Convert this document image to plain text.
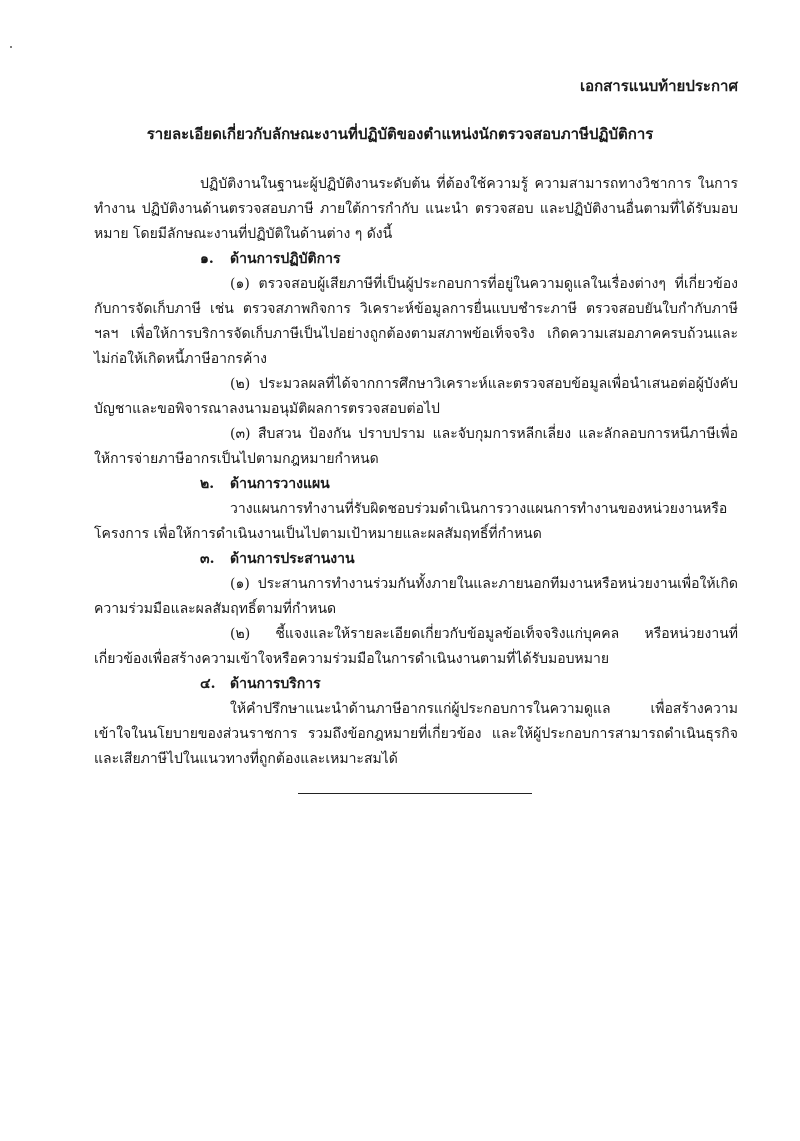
เอกสารแนบท้ายประกาศ
รายละเอียดเกี่ยวกับลักษณะงานที่ปฏิบัติของตำแหน่งนักตรวจสอบภาษีปฏิบัติการ

ปฏิบัติงานในฐานะผู้ปฏิบัติงานระดับต้น ที่ต้องใช้ความรู้ ความสามารถทางวิชาการ ในการทำงาน ปฏิบัติงานด้านตรวจสอบภาษี ภายใต้การกำกับ แนะนำ ตรวจสอบ และปฏิบัติงานอื่นตามที่ได้รับมอบหมาย โดยมีลักษณะงานที่ปฏิบัติในด้านต่าง ๆ ดังนี้

๑.	ด้านการปฏิบัติการ

(๑) ตรวจสอบผู้เสียภาษีที่เป็นผู้ประกอบการที่อยู่ในความดูแลในเรื่องต่างๆ ที่เกี่ยวข้องกับการจัดเก็บภาษี เช่น ตรวจสภาพกิจการ วิเคราะห์ข้อมูลการยื่นแบบชำระภาษี ตรวจสอบยันใบกำกับภาษี ฯลฯ เพื่อให้การบริการจัดเก็บภาษีเป็นไปอย่างถูกต้องตามสภาพข้อเท็จจริง เกิดความเสมอภาคครบถ้วนและไม่ก่อให้เกิดหนี้ภาษีอากรค้าง

(๒) ประมวลผลที่ได้จากการศึกษาวิเคราะห์และตรวจสอบข้อมูลเพื่อนำเสนอต่อผู้บังคับบัญชาและขอพิจารณาลงนามอนุมัติผลการตรวจสอบต่อไป

(๓) สืบสวน ป้องกัน ปราบปราม และจับกุมการหลีกเลี่ยง และลักลอบการหนีภาษีเพื่อให้การจ่ายภาษีอากรเป็นไปตามกฎหมายกำหนด

๒.	ด้านการวางแผน

วางแผนการทำงานที่รับผิดชอบร่วมดำเนินการวางแผนการทำงานของหน่วยงานหรือโครงการ เพื่อให้การดำเนินงานเป็นไปตามเป้าหมายและผลสัมฤทธิ์ที่กำหนด

๓.	ด้านการประสานงาน

(๑) ประสานการทำงานร่วมกันทั้งภายในและภายนอกทีมงานหรือหน่วยงานเพื่อให้เกิดความร่วมมือและผลสัมฤทธิ์ตามที่กำหนด

(๒) ชี้แจงและให้รายละเอียดเกี่ยวกับข้อมูลข้อเท็จจริงแก่บุคคล หรือหน่วยงานที่เกี่ยวข้องเพื่อสร้างความเข้าใจหรือความร่วมมือในการดำเนินงานตามที่ได้รับมอบหมาย

๔.	ด้านการบริการ

ให้คำปรึกษาแนะนำด้านภาษีอากรแก่ผู้ประกอบการในความดูแล เพื่อสร้างความเข้าใจในนโยบายของส่วนราชการ รวมถึงข้อกฎหมายที่เกี่ยวข้อง และให้ผู้ประกอบการสามารถดำเนินธุรกิจและเสียภาษีไปในแนวทางที่ถูกต้องและเหมาะสมได้
